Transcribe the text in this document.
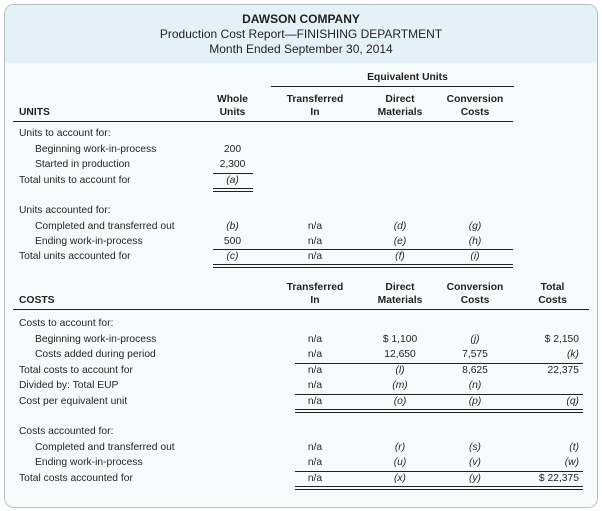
DAWSON COMPANY
Production Cost Report—FINISHING DEPARTMENT
Month Ended September 30, 2014
Equivalent Units
Whole
Units
Transferred
In
Direct
Materials
Conversion
Costs
UNITS
Units to account for:
Beginning work-in-process	200
Started in production	2,300
Total units to account for	(a)
Units accounted for:
Completed and transferred out	(b)	n/a	(d)	(g)
Ending work-in-process	500	n/a	(e)	(h)
Total units accounted for	(c)	n/a	(f)	(i)
Transferred
In
Direct
Materials
Conversion
Costs
Total
Costs
COSTS
Costs to account for:
Beginning work-in-process	n/a	$ 1,100	(j)	$ 2,150
Costs added during period	n/a	12,650	7,575	(k)
Total costs to account for	n/a	(l)	8,625	22,375
Divided by: Total EUP	n/a	(m)	(n)
Cost per equivalent unit	n/a	(o)	(p)	(q)
Costs accounted for:
Completed and transferred out	n/a	(r)	(s)	(t)
Ending work-in-process	n/a	(u)	(v)	(w)
Total costs accounted for	n/a	(x)	(y)	$ 22,375
